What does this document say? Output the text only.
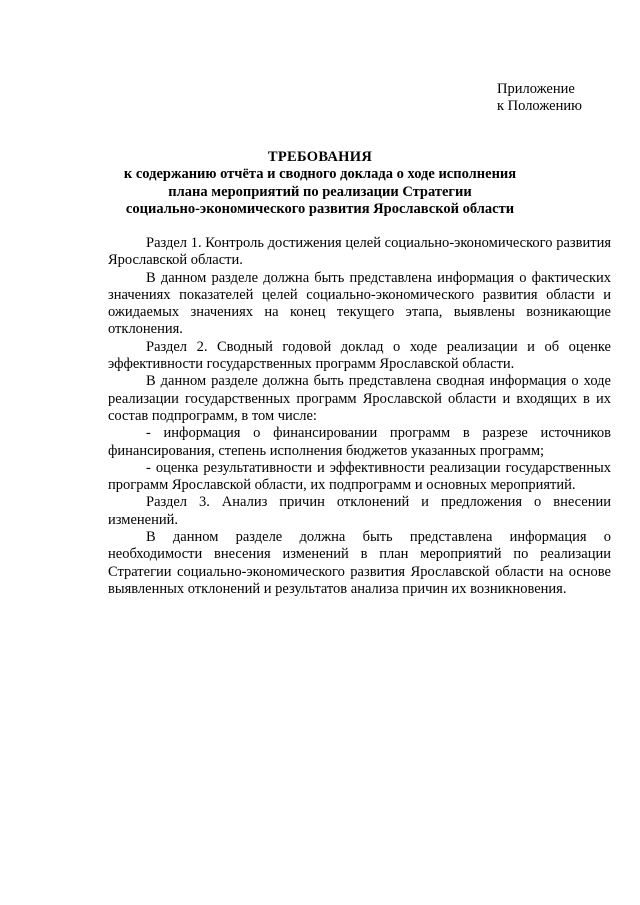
Приложение
к Положению
ТРЕБОВАНИЯ
к содержанию отчёта и сводного доклада о ходе исполнения
плана мероприятий по реализации Стратегии
социально-экономического развития Ярославской области

Раздел 1. Контроль достижения целей социально-экономического развития Ярославской области.

В данном разделе должна быть представлена информация о фактических значениях показателей целей социально-экономического развития области и ожидаемых значениях на конец текущего этапа, выявлены возникающие отклонения.

Раздел 2. Сводный годовой доклад о ходе реализации и об оценке эффективности государственных программ Ярославской области.

В данном разделе должна быть представлена сводная информация о ходе реализации государственных программ Ярославской области и входящих в их состав подпрограмм, в том числе:

- информация о финансировании программ в разрезе источников финансирования, степень исполнения бюджетов указанных программ;

- оценка результативности и эффективности реализации государственных программ Ярославской области, их подпрограмм и основных мероприятий.

Раздел 3. Анализ причин отклонений и предложения о внесении изменений.

В данном разделе должна быть представлена информация о необходимости внесения изменений в план мероприятий по реализации Стратегии социально-экономического развития Ярославской области на основе выявленных отклонений и результатов анализа причин их возникновения.
